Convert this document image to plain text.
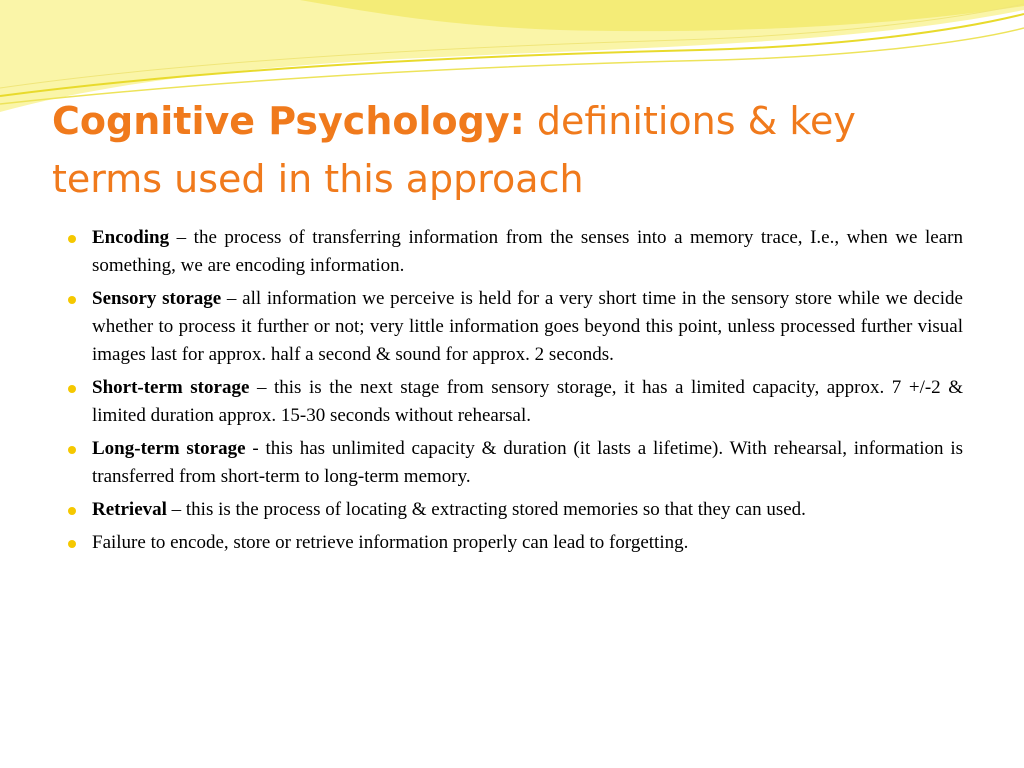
Cognitive Psychology: definitions & key terms used in this approach
Encoding – the process of transferring information from the senses into a memory trace, I.e., when we learn something, we are encoding information.
Sensory storage – all information we perceive is held for a very short time in the sensory store while we decide whether to process it further or not; very little information goes beyond this point, unless processed further visual images last for approx. half a second & sound for approx. 2 seconds.
Short-term storage – this is the next stage from sensory storage, it has a limited capacity, approx. 7 +/-2 & limited duration approx. 15-30 seconds without rehearsal.
Long-term storage - this has unlimited capacity & duration (it lasts a lifetime). With rehearsal, information is transferred from short-term to long-term memory.
Retrieval – this is the process of locating & extracting stored memories so that they can used.
Failure to encode, store or retrieve information properly can lead to forgetting.
